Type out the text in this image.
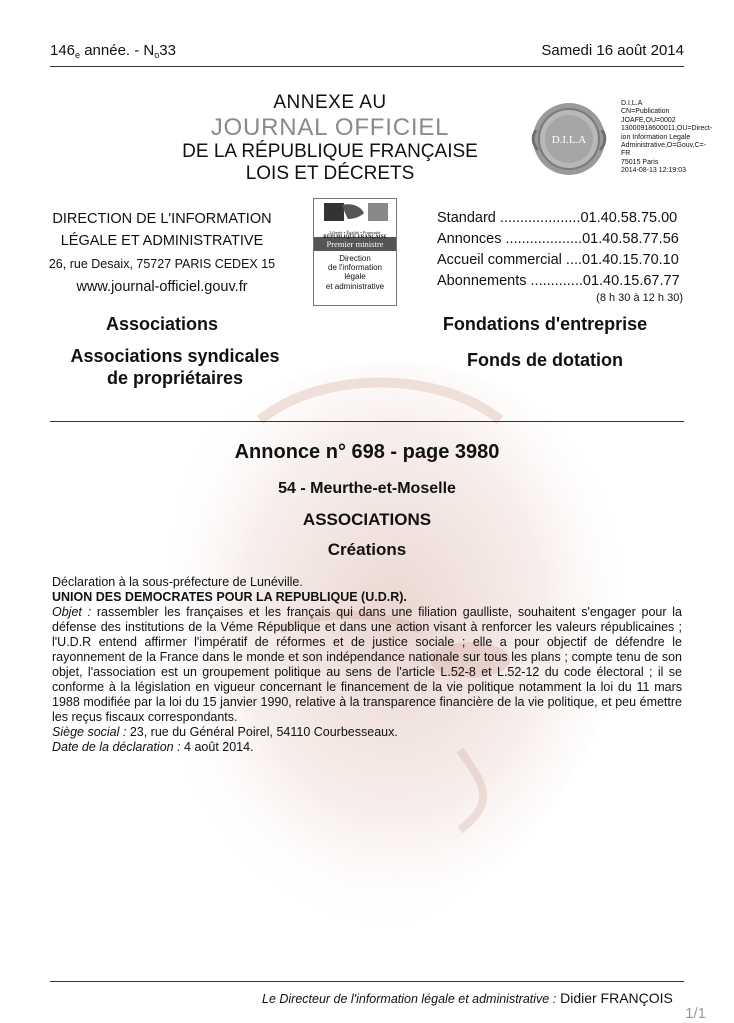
$146_e$ année. - $N_o33$	Samedi 16 août 2014
ANNEXE AU
JOURNAL OFFICIEL
DE LA RÉPUBLIQUE FRANÇAISE
LOIS ET DÉCRETS
D.I.L.A
D.I.L.A
CN=Publication
JOAFE,OU=0002
13000918600011,OU=Direct-
ion Information Legale
Administrative,O=Gouv,C=-
FR
75015 Paris
2014-08-13 12:19:03
DIRECTION DE L'INFORMATION
LÉGALE ET ADMINISTRATIVE
26, rue Desaix, 75727 PARIS CEDEX 15
www.journal-officiel.gouv.fr
Liberté • Égalité • Fraternité
RÉPUBLIQUE FRANÇAISE
Premier ministre
Direction
de l'information
légale
et administrative
Standard ....................01.40.58.75.00
Annonces ...................01.40.58.77.56
Accueil commercial ....01.40.15.70.10
Abonnements .............01.40.15.67.77
(8 h 30 à 12 h 30)
Associations
Associations syndicales
de propriétaires
Fondations d'entreprise
Fonds de dotation
Annonce n° 698 - page 3980
54 - Meurthe-et-Moselle
ASSOCIATIONS
Créations
Déclaration à la sous-préfecture de Lunéville.
UNION DES DEMOCRATES POUR LA REPUBLIQUE (U.D.R).
Objet : rassembler les françaises et les français qui dans une filiation gaulliste, souhaitent s'engager pour la défense des institutions de la Véme République et dans une action visant à renforcer les valeurs républicaines ; l'U.D.R entend affirmer l'impératif de réformes et de justice sociale ; elle a pour objectif de défendre le rayonnement de la France dans le monde et son indépendance nationale sur tous les plans ; compte tenu de son objet, l'association est un groupement politique au sens de l'article L.52-8 et L.52-12 du code électoral ; il se conforme à la législation en vigueur concernant le financement de la vie politique notamment la loi du 11 mars 1988 modifiée par la loi du 15 janvier 1990, relative à la transparence financière de la vie politique, et peu émettre les reçus fiscaux correspondants.
Siège social : 23, rue du Général Poirel, 54110 Courbesseaux.
Date de la déclaration : 4 août 2014.
Le Directeur de l'information légale et administrative : Didier FRANÇOIS
1/1
